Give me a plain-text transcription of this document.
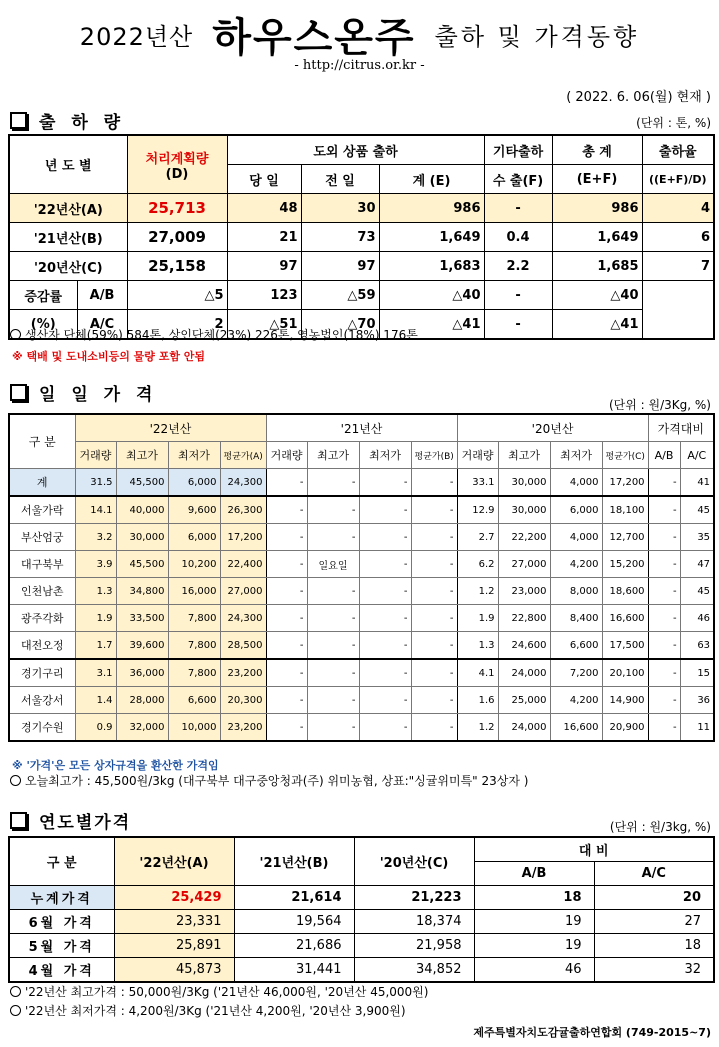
2022년산 하우스온주 출하 및 가격동향
- http://citrus.or.kr -
( 2022. 6. 06(월) 현재 )
출 하 량	(단위 : 톤, %)
년 도 별		처리계획량
(D)	도외 상품 출하			기타출하	총 계	출하율
			당 일	전 일	계 (E)	수 출(F)	(E+F)	((E+F)/D)
'22년산(A)		25,713	48	30	986	-	986	4
'21년산(B)		27,009	21	73	1,649	0.4	1,649	6
'20년산(C)		25,158	97	97	1,683	2.2	1,685	7
증감률	A/B	△5	123	△59	△40	-	△40	
(%)	A/C	2	△51	△70	△41	-	△41	
생산자 단체(59%) 584톤, 상인단체(23%) 226톤, 영농법인(18%) 176톤
※ 택배 및 도내소비등의 물량 포함 안됨
일 일 가 격	(단위 : 원/3Kg, %)
구 분	'22년산				'21년산				'20년산				가격대비	
	거래량	최고가	최저가	평균가(A)	거래량	최고가	최저가	평균가(B)	거래량	최고가	최저가	평균가(C)	A/B	A/C
계	31.5	45,500	6,000	24,300	-	-	-	-	33.1	30,000	4,000	17,200	-	41
서울가락	14.1	40,000	9,600	26,300	-	-	-	-	12.9	30,000	6,000	18,100	-	45
부산엄궁	3.2	30,000	6,000	17,200	-	-	-	-	2.7	22,200	4,000	12,700	-	35
대구북부	3.9	45,500	10,200	22,400	-	일요일	-	-	6.2	27,000	4,200	15,200	-	47
인천남촌	1.3	34,800	16,000	27,000	-	-	-	-	1.2	23,000	8,000	18,600	-	45
광주각화	1.9	33,500	7,800	24,300	-	-	-	-	1.9	22,800	8,400	16,600	-	46
대전오정	1.7	39,600	7,800	28,500	-	-	-	-	1.3	24,600	6,600	17,500	-	63
경기구리	3.1	36,000	7,800	23,200	-	-	-	-	4.1	24,000	7,200	20,100	-	15
서울강서	1.4	28,000	6,600	20,300	-	-	-	-	1.6	25,000	4,200	14,900	-	36
경기수원	0.9	32,000	10,000	23,200	-	-	-	-	1.2	24,000	16,600	20,900	-	11
※ '가격'은 모든 상자규격을 환산한 가격임
오늘최고가 : 45,500원/3kg (대구북부 대구중앙청과(주) 위미농협, 상표:"싱귤위미특" 23상자 )
연도별가격	(단위 : 원/3kg, %)
구 분	'22년산(A)	'21년산(B)	'20년산(C)	대 비	
				A/B	A/C
누계가격	25,429	21,614	21,223	18	20
6월 가격	23,331	19,564	18,374	19	27
5월 가격	25,891	21,686	21,958	19	18
4월 가격	45,873	31,441	34,852	46	32
'22년산 최고가격 : 50,000원/3Kg ('21년산 46,000원, '20년산 45,000원)
'22년산 최저가격 : 4,200원/3Kg ('21년산 4,200원, '20년산 3,900원)
제주특별자치도감귤출하연합회 (749-2015~7)
